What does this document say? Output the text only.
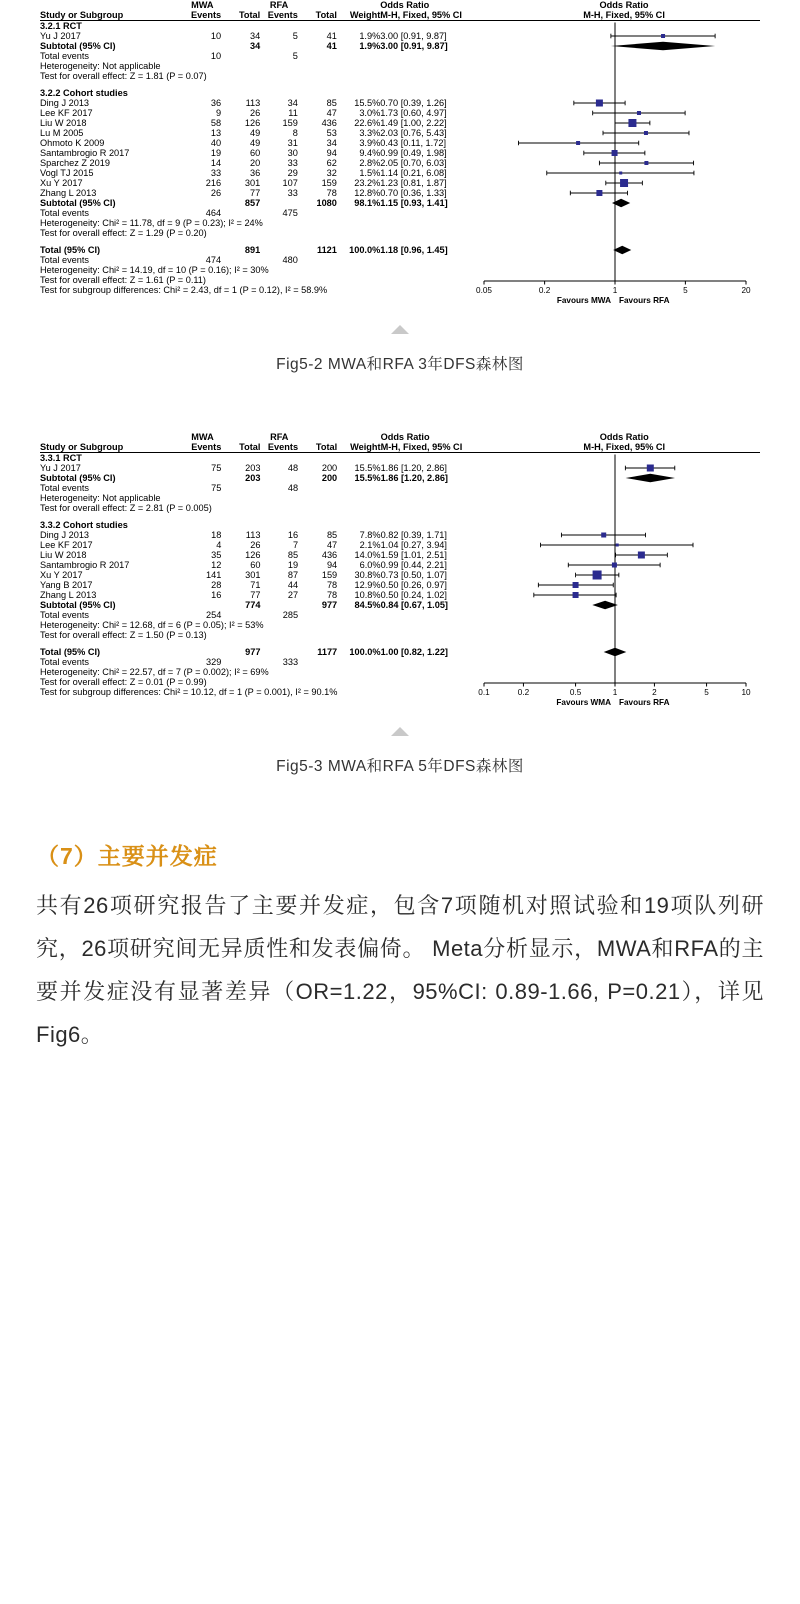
	MWA		RFA			Odds Ratio	Odds Ratio
Study or Subgroup	Events	Total	Events	Total	Weight	M-H, Fixed, 95% CI	M-H, Fixed, 95% CI
3.2.1 RCT							
Yu J 2017	10	34	5	41	1.9%	3.00 [0.91, 9.87]	
Subtotal (95% CI)		34		41	1.9%	3.00 [0.91, 9.87]	
Total events	10		5				
Heterogeneity: Not applicable							
Test for overall effect: Z = 1.81 (P = 0.07)							

3.2.2 Cohort studies							
Ding J 2013	36	113	34	85	15.5%	0.70 [0.39, 1.26]	
Lee KF 2017	9	26	11	47	3.0%	1.73 [0.60, 4.97]	
Liu W 2018	58	126	159	436	22.6%	1.49 [1.00, 2.22]	
Lu M 2005	13	49	8	53	3.3%	2.03 [0.76, 5.43]	
Ohmoto K 2009	40	49	31	34	3.9%	0.43 [0.11, 1.72]	
Santambrogio R 2017	19	60	30	94	9.4%	0.99 [0.49, 1.98]	
Sparchez Z 2019	14	20	33	62	2.8%	2.05 [0.70, 6.03]	
Vogl TJ 2015	33	36	29	32	1.5%	1.14 [0.21, 6.08]	
Xu Y 2017	216	301	107	159	23.2%	1.23 [0.81, 1.87]	
Zhang L 2013	26	77	33	78	12.8%	0.70 [0.36, 1.33]	
Subtotal (95% CI)		857		1080	98.1%	1.15 [0.93, 1.41]	
Total events	464		475				
Heterogeneity: Chi² = 11.78, df = 9 (P = 0.23); I² = 24%							
Test for overall effect: Z = 1.29 (P = 0.20)							

Total (95% CI)		891		1121	100.0%	1.18 [0.96, 1.45]	
Total events	474		480				
Heterogeneity: Chi² = 14.19, df = 10 (P = 0.16); I² = 30%							
Test for overall effect: Z = 1.61 (P = 0.11)							
Test for subgroup differences: Chi² = 2.43, df = 1 (P = 0.12), I² = 58.9%								0.05	0.2	1	5	20
Favours MWA Favours RFA
Fig5-2 MWA和RFA 3年DFS森林图
	MWA		RFA			Odds Ratio	Odds Ratio
Study or Subgroup	Events	Total	Events	Total	Weight	M-H, Fixed, 95% CI	M-H, Fixed, 95% CI
3.3.1 RCT							
Yu J 2017	75	203	48	200	15.5%	1.86 [1.20, 2.86]	
Subtotal (95% CI)		203		200	15.5%	1.86 [1.20, 2.86]	
Total events	75		48				
Heterogeneity: Not applicable							
Test for overall effect: Z = 2.81 (P = 0.005)							

3.3.2 Cohort studies							
Ding J 2013	18	113	16	85	7.8%	0.82 [0.39, 1.71]	
Lee KF 2017	4	26	7	47	2.1%	1.04 [0.27, 3.94]	
Liu W 2018	35	126	85	436	14.0%	1.59 [1.01, 2.51]	
Santambrogio R 2017	12	60	19	94	6.0%	0.99 [0.44, 2.21]	
Xu Y 2017	141	301	87	159	30.8%	0.73 [0.50, 1.07]	
Yang B 2017	28	71	44	78	12.9%	0.50 [0.26, 0.97]	
Zhang L 2013	16	77	27	78	10.8%	0.50 [0.24, 1.02]	
Subtotal (95% CI)		774		977	84.5%	0.84 [0.67, 1.05]	
Total events	254		285				
Heterogeneity: Chi² = 12.68, df = 6 (P = 0.05); I² = 53%							
Test for overall effect: Z = 1.50 (P = 0.13)							

Total (95% CI)		977		1177	100.0%	1.00 [0.82, 1.22]	
Total events	329		333				
Heterogeneity: Chi² = 22.57, df = 7 (P = 0.002); I² = 69%							
Test for overall effect: Z = 0.01 (P = 0.99)							
Test for subgroup differences: Chi² = 10.12, df = 1 (P = 0.001), I² = 90.1%								0.1	0.2	0.5	1	2	5	10
Favours WMA Favours RFA
Fig5-3 MWA和RFA 5年DFS森林图
（7）主要并发症
共有26项研究报告了主要并发症，包含7项随机对照试验和19项队列研究，26项研究间无异质性和发表偏倚。 Meta分析显示，MWA和RFA的主要并发症没有显著差异（OR=1.22，95%CI: 0.89-1.66, P=0.21），详见Fig6。
